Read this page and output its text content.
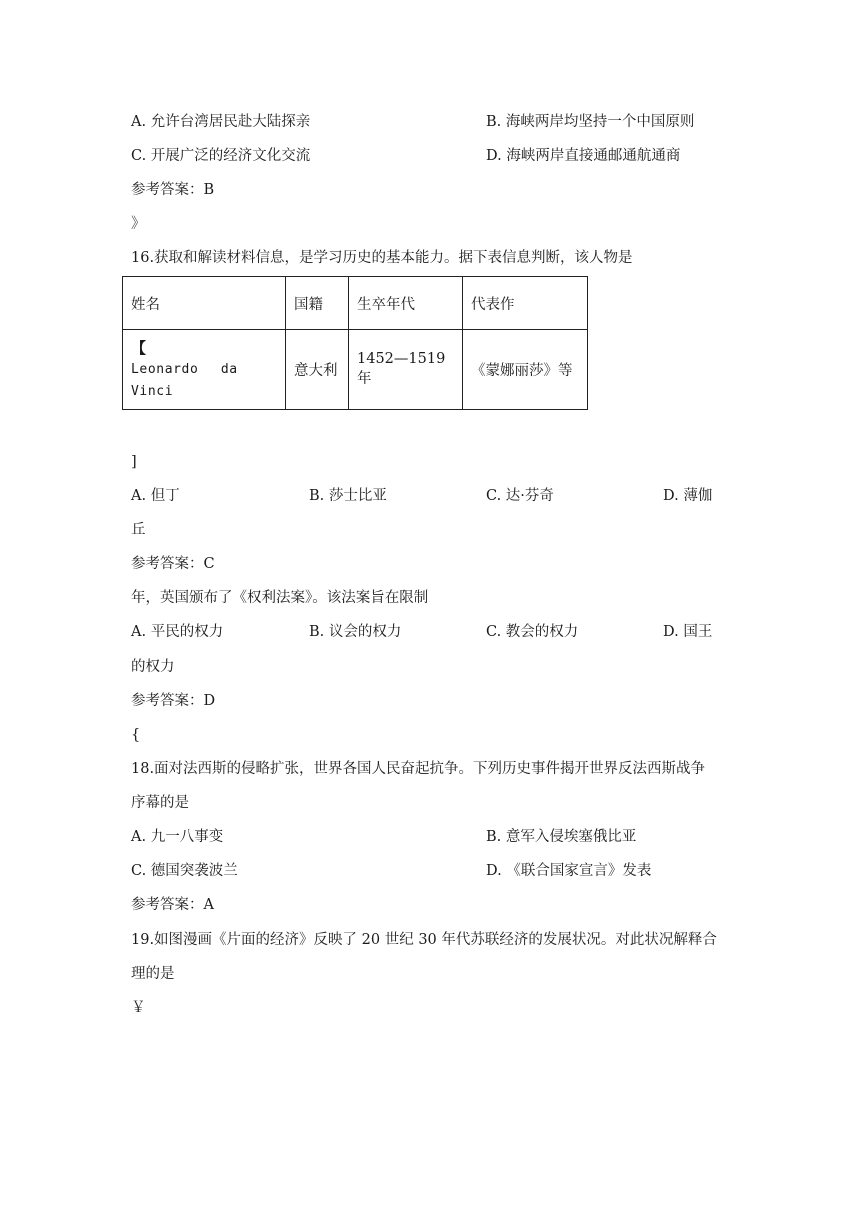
A. 允许台湾居民赴大陆探亲	B. 海峡两岸均坚持一个中国原则
C. 开展广泛的经济文化交流	D. 海峡两岸直接通邮通航通商
参考答案：B
》
16.获取和解读材料信息，是学习历史的基本能力。据下表信息判断，该人物是
姓名	国籍	生卒年代	代表作

【
Leonardo da Vinci	意大利	1452—1519 年	《蒙娜丽莎》等
]
A. 但丁	B. 莎士比亚	C. 达·芬奇	D. 薄伽
丘
参考答案：C
年，英国颁布了《权利法案》。该法案旨在限制
A. 平民的权力	B. 议会的权力	C. 教会的权力	D. 国王
的权力
参考答案：D
{
18.面对法西斯的侵略扩张，世界各国人民奋起抗争。下列历史事件揭开世界反法西斯战争
序幕的是
A. 九一八事变	B. 意军入侵埃塞俄比亚
C. 德国突袭波兰	D. 《联合国家宣言》发表
参考答案：A
19.如图漫画《片面的经济》反映了 20 世纪 30 年代苏联经济的发展状况。对此状况解释合
理的是
￥
